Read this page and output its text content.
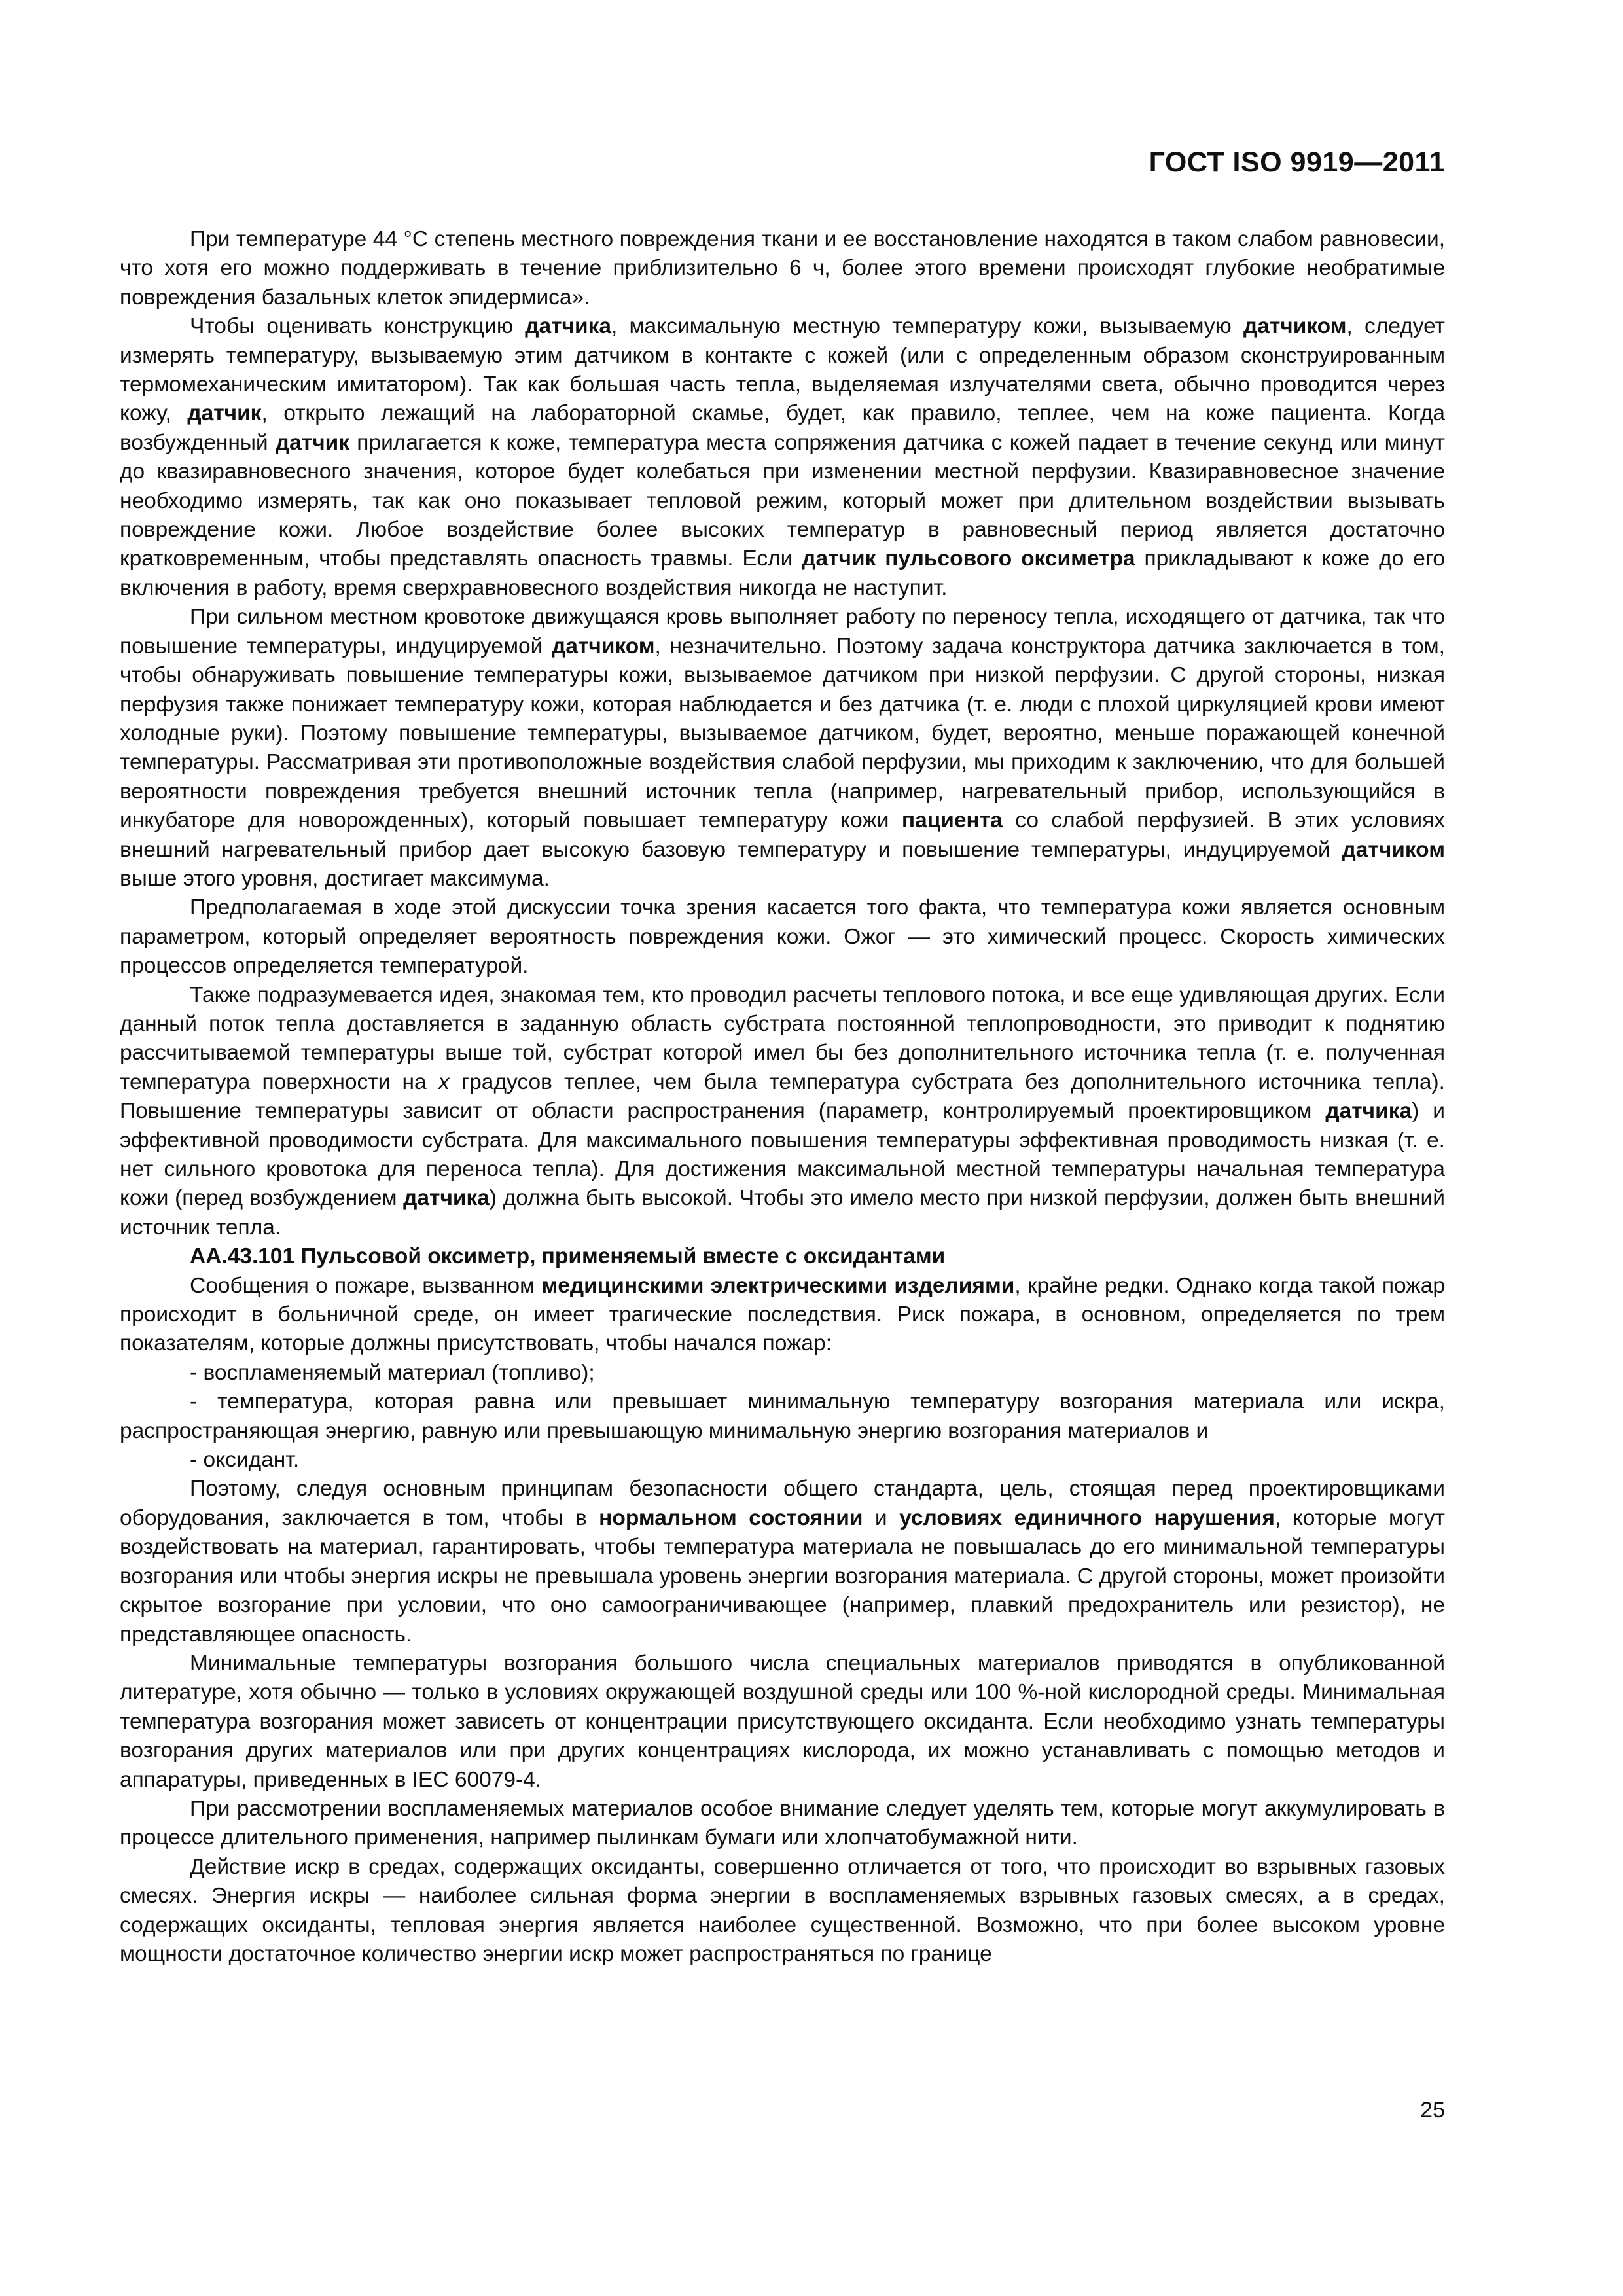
ГОСТ ISO 9919—2011

При температуре 44 °С степень местного повреждения ткани и ее восстановление находятся в таком слабом равновесии, что хотя его можно поддерживать в течение приблизительно 6 ч, более этого времени происходят глубокие необратимые повреждения базальных клеток эпидермиса».

Чтобы оценивать конструкцию датчика, максимальную местную температуру кожи, вызываемую датчиком, следует измерять температуру, вызываемую этим датчиком в контакте с кожей (или с определенным образом сконструированным термомеханическим имитатором). Так как большая часть тепла, выделяемая излучателями света, обычно проводится через кожу, датчик, открыто лежащий на лабораторной скамье, будет, как правило, теплее, чем на коже пациента. Когда возбужденный датчик прилагается к коже, температура места сопряжения датчика с кожей падает в течение секунд или минут до квазиравновесного значения, которое будет колебаться при изменении местной перфузии. Квазиравновесное значение необходимо измерять, так как оно показывает тепловой режим, который может при длительном воздействии вызывать повреждение кожи. Любое воздействие более высоких температур в равновесный период является достаточно кратковременным, чтобы представлять опасность травмы. Если датчик пульсового оксиметра прикладывают к коже до его включения в работу, время сверхравновесного воздействия никогда не наступит.

При сильном местном кровотоке движущаяся кровь выполняет работу по переносу тепла, исходящего от датчика, так что повышение температуры, индуцируемой датчиком, незначительно. Поэтому задача конструктора датчика заключается в том, чтобы обнаруживать повышение температуры кожи, вызываемое датчиком при низкой перфузии. С другой стороны, низкая перфузия также понижает температуру кожи, которая наблюдается и без датчика (т. е. люди с плохой циркуляцией крови имеют холодные руки). Поэтому повышение температуры, вызываемое датчиком, будет, вероятно, меньше поражающей конечной температуры. Рассматривая эти противоположные воздействия слабой перфузии, мы приходим к заключению, что для большей вероятности повреждения требуется внешний источник тепла (например, нагревательный прибор, использующийся в инкубаторе для новорожденных), который повышает температуру кожи пациента со слабой перфузией. В этих условиях внешний нагревательный прибор дает высокую базовую температуру и повышение температуры, индуцируемой датчиком выше этого уровня, достигает максимума.

Предполагаемая в ходе этой дискуссии точка зрения касается того факта, что температура кожи является основным параметром, который определяет вероятность повреждения кожи. Ожог — это химический процесс. Скорость химических процессов определяется температурой.

Также подразумевается идея, знакомая тем, кто проводил расчеты теплового потока, и все еще удивляющая других. Если данный поток тепла доставляется в заданную область субстрата постоянной теплопроводности, это приводит к поднятию рассчитываемой температуры выше той, субстрат которой имел бы без дополнительного источника тепла (т. е. полученная температура поверхности на x градусов теплее, чем была температура субстрата без дополнительного источника тепла). Повышение температуры зависит от области распространения (параметр, контролируемый проектировщиком датчика) и эффективной проводимости субстрата. Для максимального повышения температуры эффективная проводимость низкая (т. е. нет сильного кровотока для переноса тепла). Для достижения максимальной местной температуры начальная температура кожи (перед возбуждением датчика) должна быть высокой. Чтобы это имело место при низкой перфузии, должен быть внешний источник тепла.

АА.43.101 Пульсовой оксиметр, применяемый вместе с оксидантами

Сообщения о пожаре, вызванном медицинскими электрическими изделиями, крайне редки. Однако когда такой пожар происходит в больничной среде, он имеет трагические последствия. Риск пожара, в основном, определяется по трем показателям, которые должны присутствовать, чтобы начался пожар:

- воспламеняемый материал (топливо);

- температура, которая равна или превышает минимальную температуру возгорания материала или искра, распространяющая энергию, равную или превышающую минимальную энергию возгорания материалов и

- оксидант.

Поэтому, следуя основным принципам безопасности общего стандарта, цель, стоящая перед проектировщиками оборудования, заключается в том, чтобы в нормальном состоянии и условиях единичного нарушения, которые могут воздействовать на материал, гарантировать, чтобы температура материала не повышалась до его минимальной температуры возгорания или чтобы энергия искры не превышала уровень энергии возгорания материала. С другой стороны, может произойти скрытое возгорание при условии, что оно самоограничивающее (например, плавкий предохранитель или резистор), не представляющее опасность.

Минимальные температуры возгорания большого числа специальных материалов приводятся в опубликованной литературе, хотя обычно — только в условиях окружающей воздушной среды или 100 %-ной кислородной среды. Минимальная температура возгорания может зависеть от концентрации присутствующего оксиданта. Если необходимо узнать температуры возгорания других материалов или при других концентрациях кислорода, их можно устанавливать с помощью методов и аппаратуры, приведенных в IEC 60079-4.

При рассмотрении воспламеняемых материалов особое внимание следует уделять тем, которые могут аккумулировать в процессе длительного применения, например пылинкам бумаги или хлопчатобумажной нити.

Действие искр в средах, содержащих оксиданты, совершенно отличается от того, что происходит во взрывных газовых смесях. Энергия искры — наиболее сильная форма энергии в воспламеняемых взрывных газовых смесях, а в средах, содержащих оксиданты, тепловая энергия является наиболее существенной. Возможно, что при более высоком уровне мощности достаточное количество энергии искр может распространяться по границе

25
